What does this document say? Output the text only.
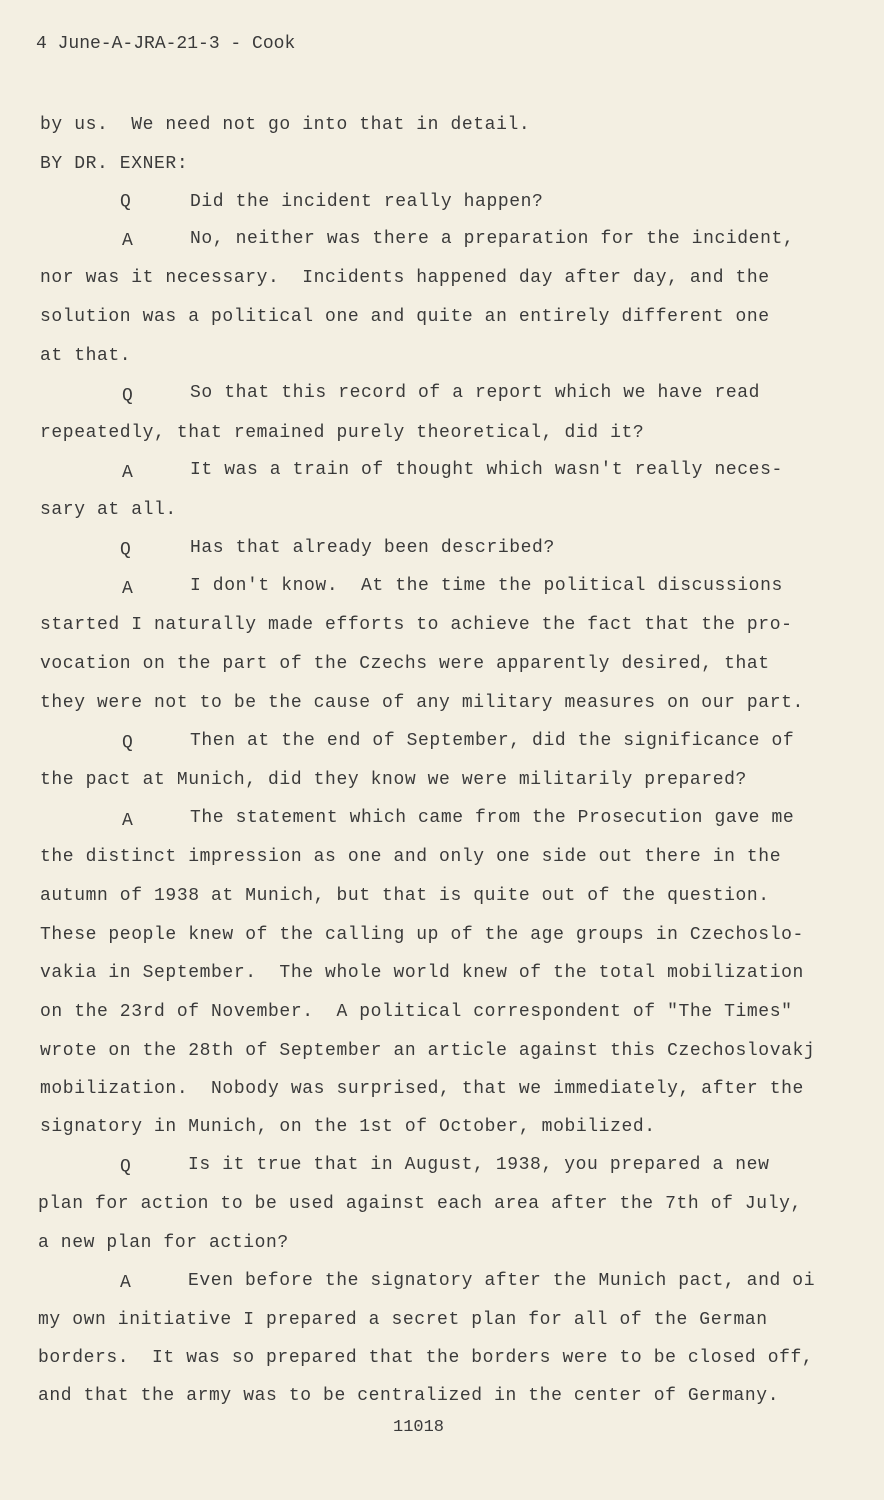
4 June-A-JRA-21-3 - Cook
by us.  We need not go into that in detail.
BY DR. EXNER:
Q	Did the incident really happen?
A	No, neither was there a preparation for the incident,
nor was it necessary.  Incidents happened day after day, and the
solution was a political one and quite an entirely different one
at that.
Q	So that this record of a report which we have read
repeatedly, that remained purely theoretical, did it?
A	It was a train of thought which wasn't really neces-
sary at all.
Q	Has that already been described?
A	I don't know.  At the time the political discussions
started I naturally made efforts to achieve the fact that the pro-
vocation on the part of the Czechs were apparently desired, that
they were not to be the cause of any military measures on our part.
Q	Then at the end of September, did the significance of
the pact at Munich, did they know we were militarily prepared?
A	The statement which came from the Prosecution gave me
the distinct impression as one and only one side out there in the
autumn of 1938 at Munich, but that is quite out of the question.
These people knew of the calling up of the age groups in Czechoslo-
vakia in September.  The whole world knew of the total mobilization
on the 23rd of November.  A political correspondent of "The Times"
wrote on the 28th of September an article against this Czechoslovakj
mobilization.  Nobody was surprised, that we immediately, after the
signatory in Munich, on the 1st of October, mobilized.
Q	Is it true that in August, 1938, you prepared a new
plan for action to be used against each area after the 7th of July,
a new plan for action?
A	Even before the signatory after the Munich pact, and oi
my own initiative I prepared a secret plan for all of the German
borders.  It was so prepared that the borders were to be closed off,
and that the army was to be centralized in the center of Germany.
11018
